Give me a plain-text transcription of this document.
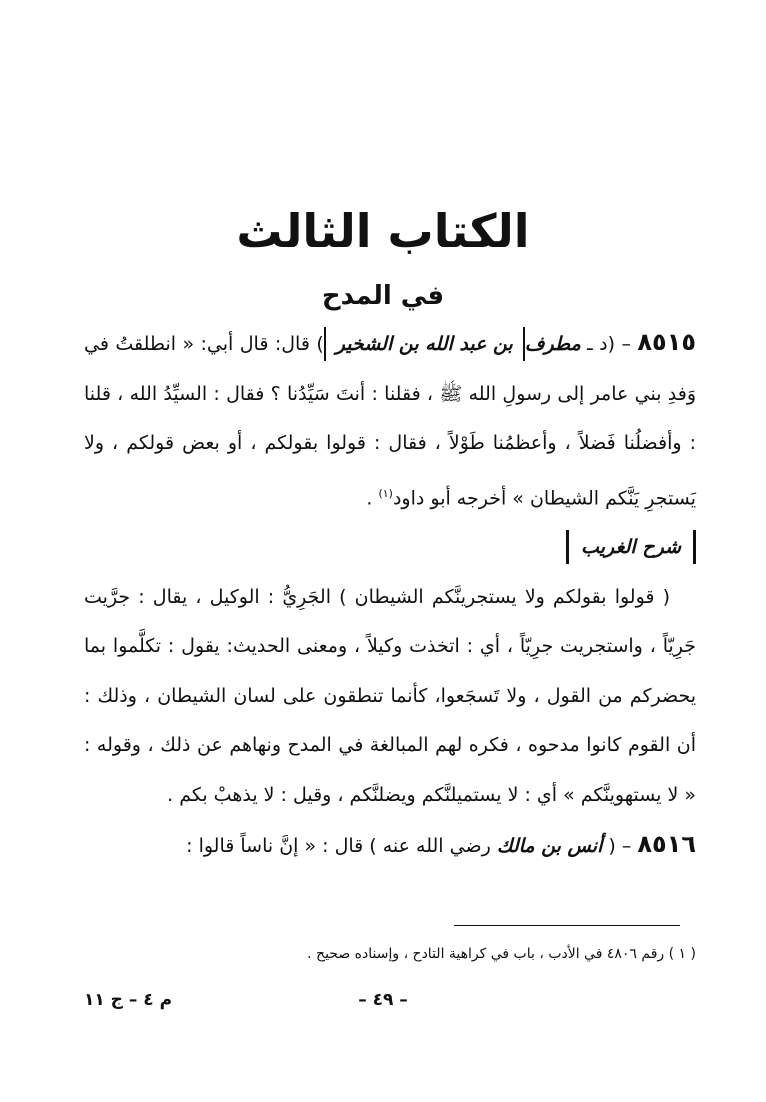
الكتاب الثالث
في المدح

٨٥١٥ – (د ـ مطرفبن عبد الله بن الشخير) قال: قال أبي: « انطلقتُ في وَفدِ بني عامر إلى رسولِ الله ﷺ ، فقلنا : أنتَ سَيِّدُنا ؟ فقال : السيِّدُ الله ، قلنا : وأفضلُنا فَضلاً ، وأعظمُنا طَوْلاً ، فقال : قولوا بقولكم ، أو بعض قولكم ، ولا يَستجرِ يَنَّكم الشيطان » أخرجه أبو داود$^{(١)}$ .

شرح الغريب

( قولوا بقولكم ولا يستجرينَّكم الشيطان ) الجَرِيُّ : الوكيل ، يقال : جرَّيت جَرِيّاً ، واستجريت جرِيّاً ، أي : اتخذت وكيلاً ، ومعنى الحديث: يقول : تكلَّموا بما يحضركم من القول ، ولا تَسجَعوا، كأنما تنطقون على لسان الشيطان ، وذلك : أن القوم كانوا مدحوه ، فكره لهم المبالغة في المدح ونهاهم عن ذلك ، وقوله : « لا يستهوينَّكم » أي : لا يستميلنَّكم ويضلنَّكم ، وقيل : لا يذهبْ بكم .

٨٥١٦ – ( أنس بن مالك رضي الله عنه ) قال : « إنَّ ناساً قالوا :

( ١ ) رقم ٤٨٠٦ في الأدب ، باب في كراهية التادح ، وإسناده صحيح .
م ٤ – ج ١١	– ٤٩ –
